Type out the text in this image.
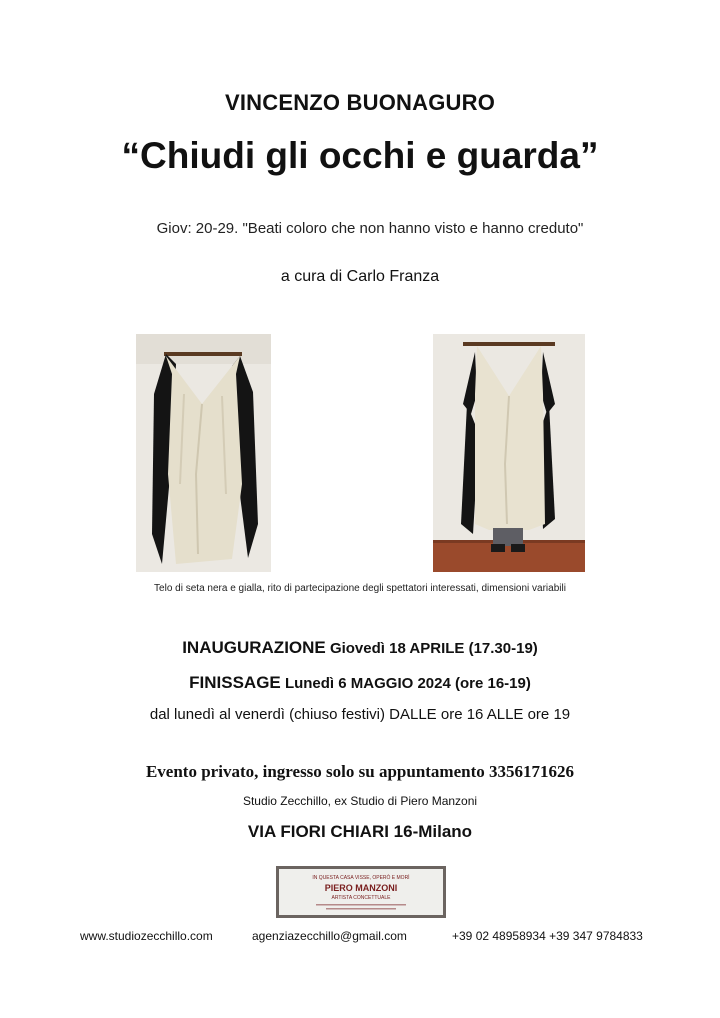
VINCENZO BUONAGURO
“Chiudi gli occhi e guarda”
Giov: 20-29. "Beati coloro che non hanno visto e hanno creduto"
a cura di Carlo Franza
Telo di seta nera e gialla, rito di partecipazione degli spettatori interessati, dimensioni variabili
INAUGURAZIONE Giovedì 18 APRILE (17.30-19)
FINISSAGE Lunedì 6 MAGGIO 2024 (ore 16-19)
dal lunedì al venerdì (chiuso festivi) DALLE ore 16 ALLE ore 19
Evento privato, ingresso solo su appuntamento 3356171626
Studio Zecchillo, ex Studio di Piero Manzoni
VIA FIORI CHIARI 16-Milano
IN QUESTA CASA VISSE, OPERÒ E MORÌ
PIERO MANZONI
ARTISTA CONCETTUALE
www.studiozecchillo.com	agenziazecchillo@gmail.com	+39 02 48958934 +39 347 9784833
